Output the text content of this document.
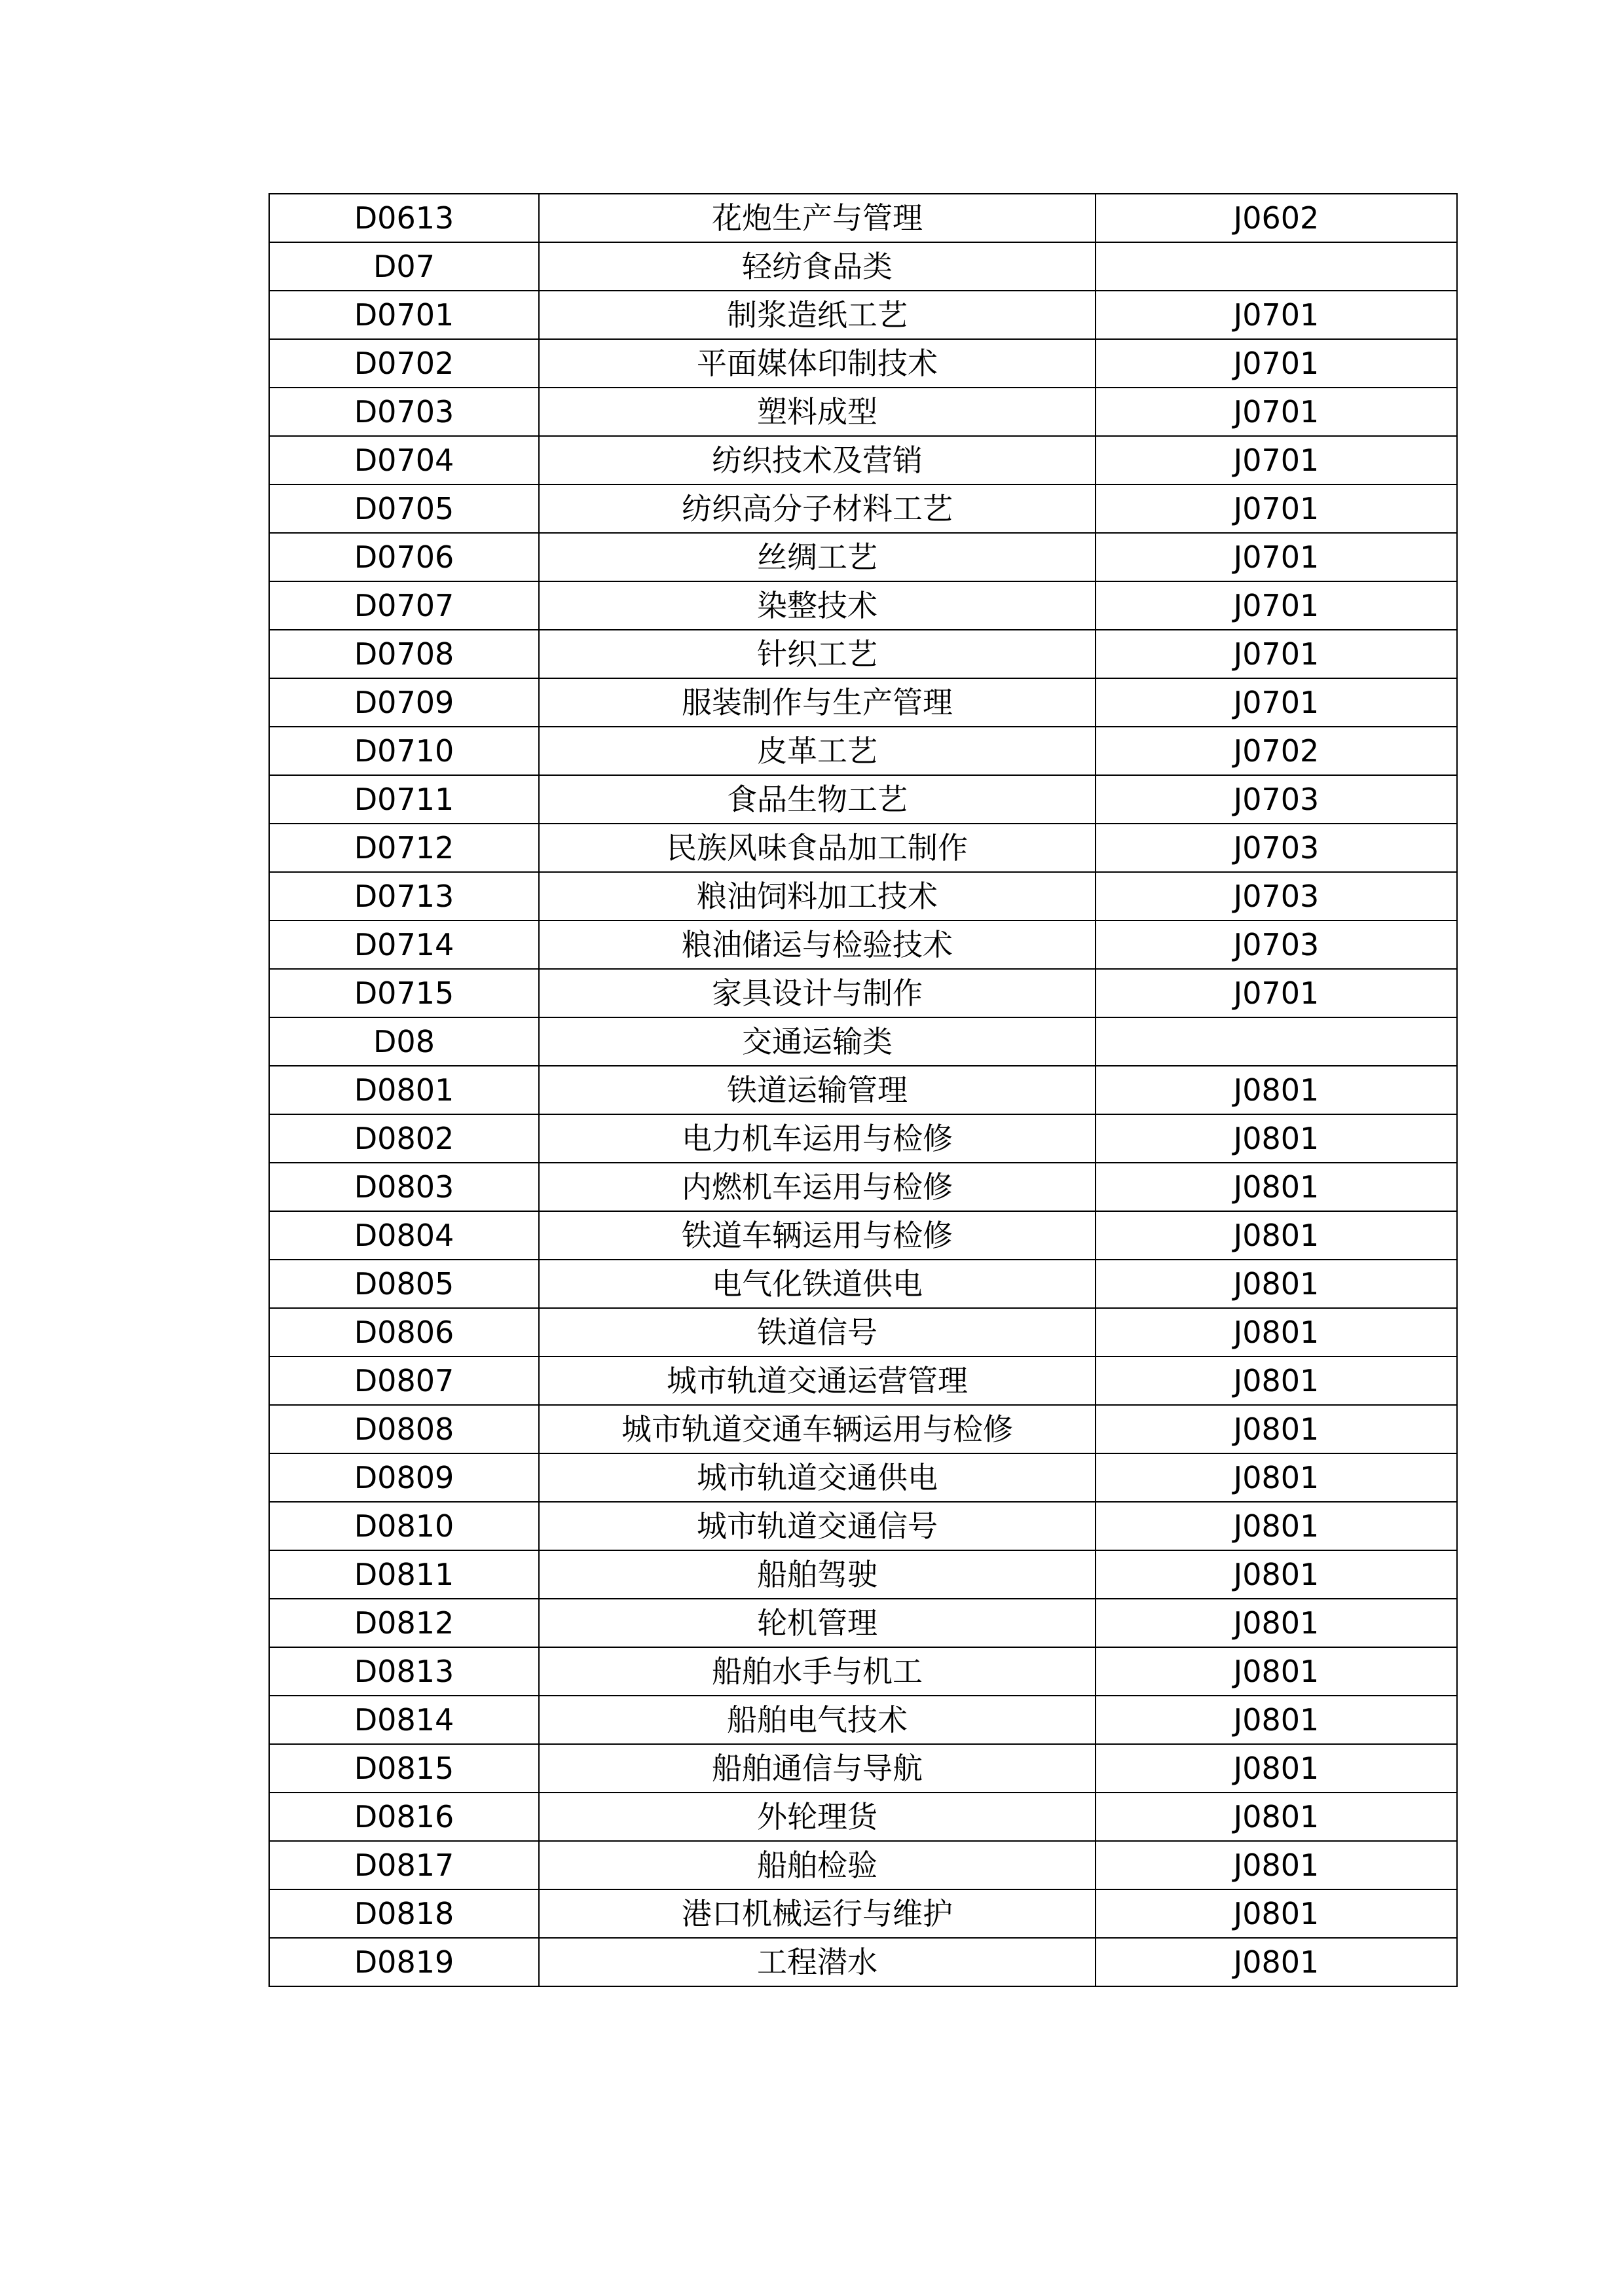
D0613	花炮生产与管理	J0602
D07	轻纺食品类	
D0701	制浆造纸工艺	J0701
D0702	平面媒体印制技术	J0701
D0703	塑料成型	J0701
D0704	纺织技术及营销	J0701
D0705	纺织高分子材料工艺	J0701
D0706	丝绸工艺	J0701
D0707	染整技术	J0701
D0708	针织工艺	J0701
D0709	服装制作与生产管理	J0701
D0710	皮革工艺	J0702
D0711	食品生物工艺	J0703
D0712	民族风味食品加工制作	J0703
D0713	粮油饲料加工技术	J0703
D0714	粮油储运与检验技术	J0703
D0715	家具设计与制作	J0701
D08	交通运输类	
D0801	铁道运输管理	J0801
D0802	电力机车运用与检修	J0801
D0803	内燃机车运用与检修	J0801
D0804	铁道车辆运用与检修	J0801
D0805	电气化铁道供电	J0801
D0806	铁道信号	J0801
D0807	城市轨道交通运营管理	J0801
D0808	城市轨道交通车辆运用与检修	J0801
D0809	城市轨道交通供电	J0801
D0810	城市轨道交通信号	J0801
D0811	船舶驾驶	J0801
D0812	轮机管理	J0801
D0813	船舶水手与机工	J0801
D0814	船舶电气技术	J0801
D0815	船舶通信与导航	J0801
D0816	外轮理货	J0801
D0817	船舶检验	J0801
D0818	港口机械运行与维护	J0801
D0819	工程潜水	J0801
